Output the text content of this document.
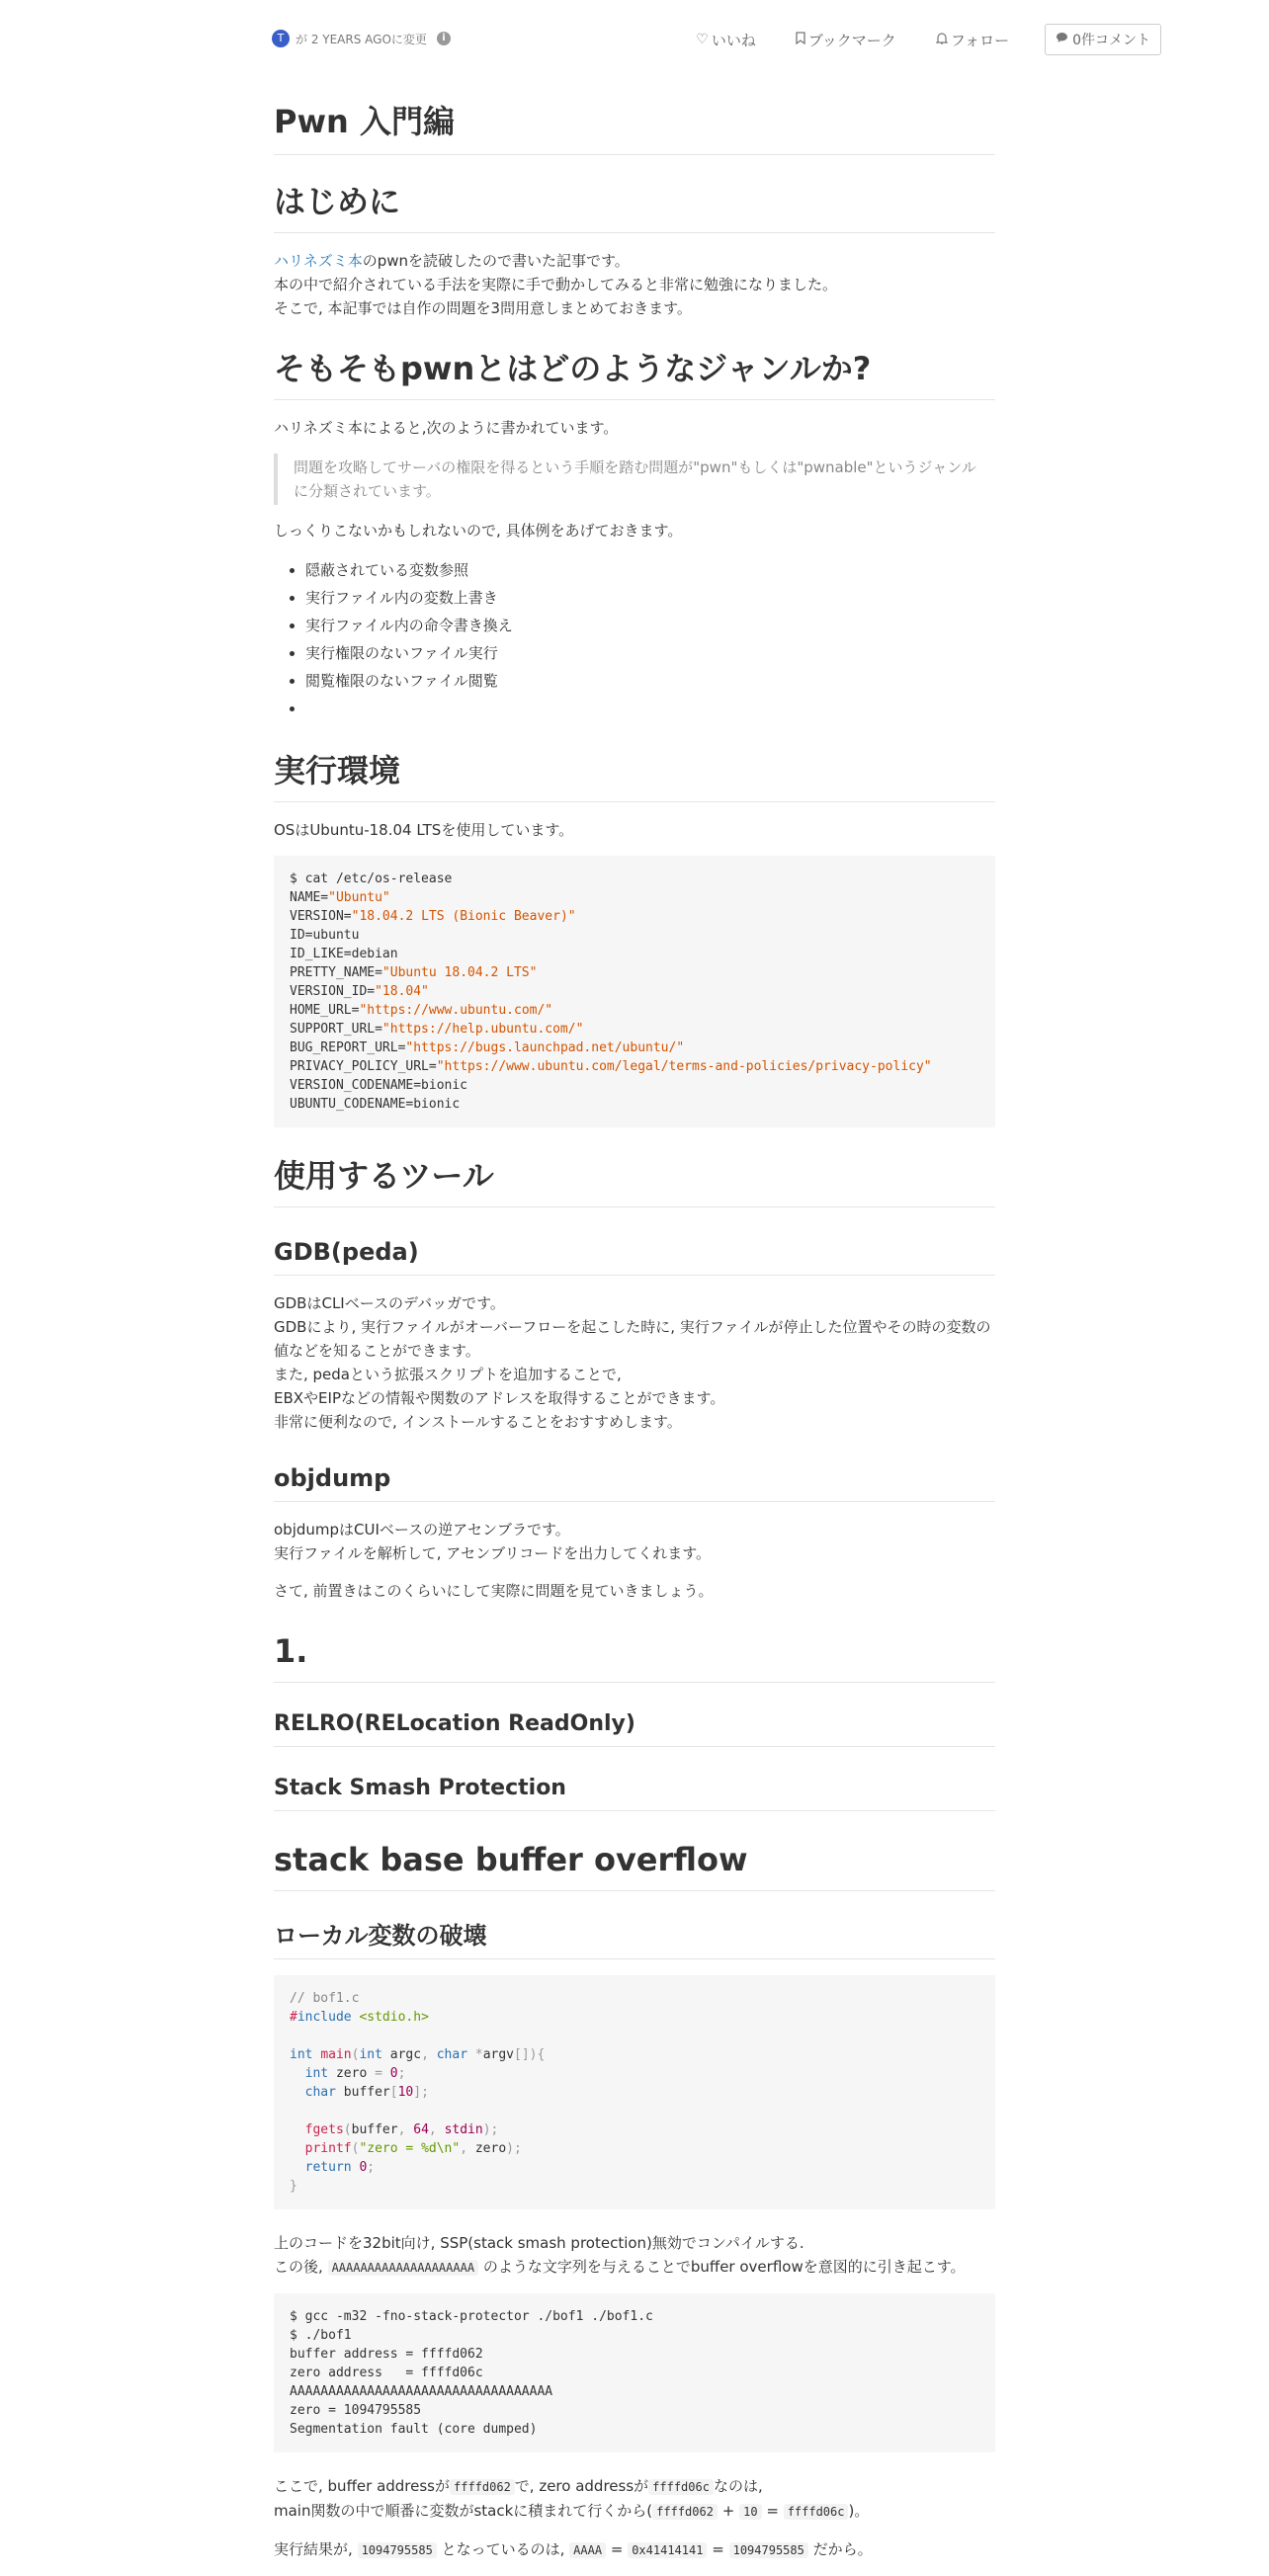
T が 2 YEARS AGOに変更	i	♡ いいね	ブックマーク	フォロー	0件コメント
Pwn 入門編
はじめに

ハリネズミ本のpwnを読破したので書いた記事です。
本の中で紹介されている手法を実際に手で動かしてみると非常に勉強になりました。
そこで, 本記事では自作の問題を3問用意しまとめておきます。

そもそもpwnとはどのようなジャンルか?

ハリネズミ本によると,次のように書かれています。

問題を攻略してサーバの権限を得るという手順を踏む問題が"pwn"もしくは"pwnable"というジャンルに分類されています。

しっくりこないかもしれないので, 具体例をあげておきます。

• 隠蔽されている変数参照
• 実行ファイル内の変数上書き
• 実行ファイル内の命令書き換え
• 実行権限のないファイル実行
• 閲覧権限のないファイル閲覧
•
実行環境

OSはUbuntu-18.04 LTSを使用しています。

$ cat /etc/os-release
NAME="Ubuntu"
VERSION="18.04.2 LTS (Bionic Beaver)"
ID=ubuntu
ID_LIKE=debian
PRETTY_NAME="Ubuntu 18.04.2 LTS"
VERSION_ID="18.04"
HOME_URL="https://www.ubuntu.com/"
SUPPORT_URL="https://help.ubuntu.com/"
BUG_REPORT_URL="https://bugs.launchpad.net/ubuntu/"
PRIVACY_POLICY_URL="https://www.ubuntu.com/legal/terms-and-policies/privacy-policy"
VERSION_CODENAME=bionic
UBUNTU_CODENAME=bionic
使用するツール
GDB(peda)

GDBはCLIベースのデバッガです。
GDBにより, 実行ファイルがオーバーフローを起こした時に, 実行ファイルが停止した位置やその時の変数の値などを知ることができます。
また, pedaという拡張スクリプトを追加することで,
EBXやEIPなどの情報や関数のアドレスを取得することができます。
非常に便利なので, インストールすることをおすすめします。

objdump

objdumpはCUIベースの逆アセンブラです。
実行ファイルを解析して, アセンブリコードを出力してくれます。

さて, 前置きはこのくらいにして実際に問題を見ていきましょう。

1.
RELRO(RELocation ReadOnly)
Stack Smash Protection
stack base buffer overflow
ローカル変数の破壊
// bof1.c
#include <stdio.h>

int main(int argc, char *argv[]){
int zero = 0;
char buffer[10];

fgets(buffer, 64, stdin);
printf("zero = %d\n", zero);
return 0;
}

上のコードを32bit向け, SSP(stack smash protection)無効でコンパイルする.
この後, AAAAAAAAAAAAAAAAAAAA のような文字列を与えることでbuffer overflowを意図的に引き起こす。

$ gcc -m32 -fno-stack-protector ./bof1 ./bof1.c
$ ./bof1
buffer address = ffffd062
zero address   = ffffd06c
AAAAAAAAAAAAAAAAAAAAAAAAAAAAAAAAAA
zero = 1094795585
Segmentation fault (core dumped)

ここで, buffer addressが ffffd062 で, zero addressが ffffd06c なのは,
main関数の中で順番に変数がstackに積まれて行くから( ffffd062 + 10 = ffffd06c )。

実行結果が, 1094795585 となっているのは, AAAA = 0x41414141 = 1094795585 だから。
